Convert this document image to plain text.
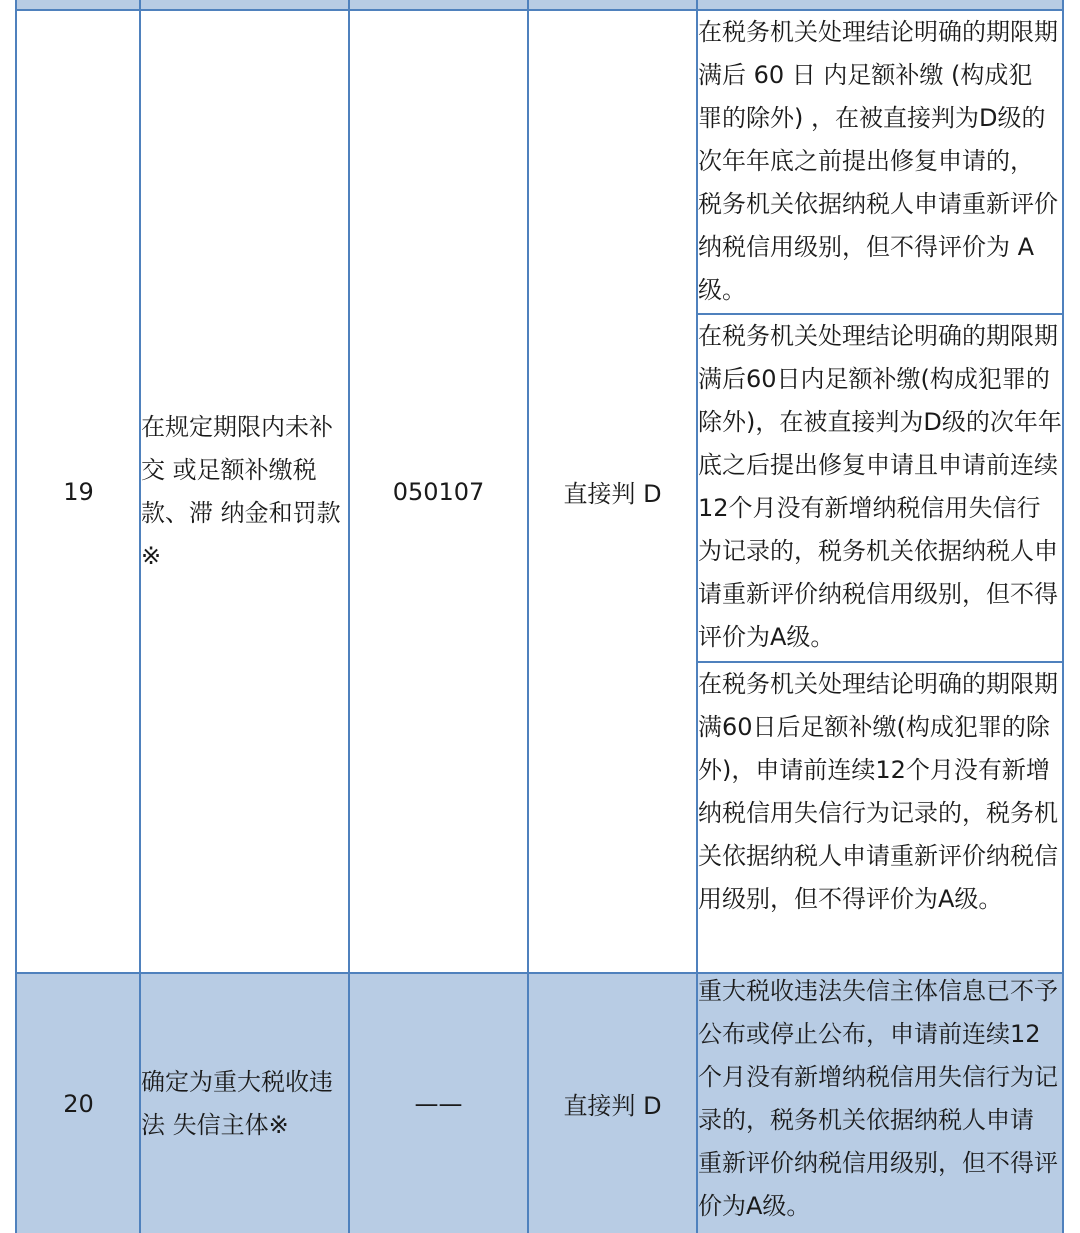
19
在规定期限内未补交 或足额补缴税款、滞 纳金和罚款※
050107	直接判 D
在税务机关处理结论明确的期限期满后 60 日 内足额补缴 (构成犯 罪的除外) ，在被直接判为D级的次年年底之前提出修复申请的， 税务机关依据纳税人申请重新评价纳税信用级别，但不得评价为 A 级。
在税务机关处理结论明确的期限期满后60日内足额补缴(构成犯罪的除外)，在被直接判为D级的次年年底之后提出修复申请且申请前连续12个月没有新增纳税信用失信行为记录的，税务机关依据纳税人申请重新评价纳税信用级别，但不得评价为A级。
在税务机关处理结论明确的期限期满60日后足额补缴(构成犯罪的除外)，申请前连续12个月没有新增纳税信用失信行为记录的，税务机关依据纳税人申请重新评价纳税信用级别，但不得评价为A级。
20
确定为重大税收违法 失信主体※
——	直接判 D
重大税收违法失信主体信息已不予公布或停止公布，申请前连续12个月没有新增纳税信用失信行为记录的，税务机关依据纳税人申请 重新评价纳税信用级别，但不得评价为A级。
